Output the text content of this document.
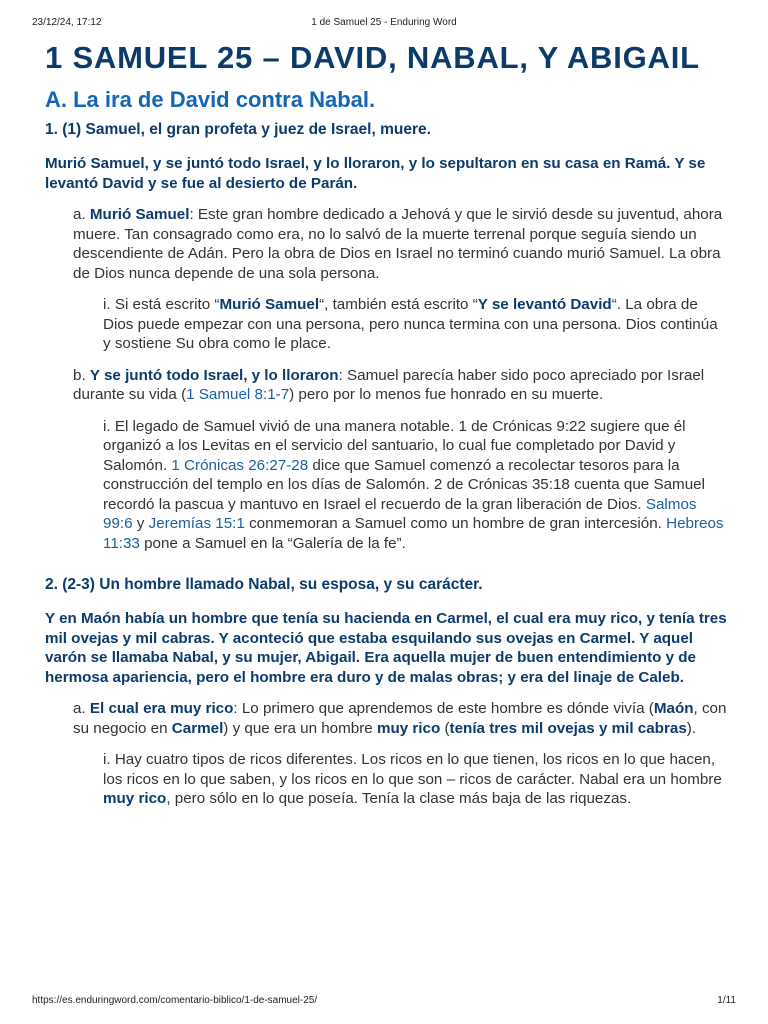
23/12/24, 17:12	1 de Samuel 25 - Enduring Word
1 SAMUEL 25 – DAVID, NABAL, Y ABIGAIL
A. La ira de David contra Nabal.
1. (1) Samuel, el gran profeta y juez de Israel, muere.

Murió Samuel, y se juntó todo Israel, y lo lloraron, y lo sepultaron en su casa en Ramá. Y se levantó David y se fue al desierto de Parán.

a. Murió Samuel: Este gran hombre dedicado a Jehová y que le sirvió desde su juventud, ahora muere. Tan consagrado como era, no lo salvó de la muerte terrenal porque seguía siendo un descendiente de Adán. Pero la obra de Dios en Israel no terminó cuando murió Samuel. La obra de Dios nunca depende de una sola persona.

i. Si está escrito “Murió Samuel“, también está escrito “Y se levantó David“. La obra de Dios puede empezar con una persona, pero nunca termina con una persona. Dios continúa y sostiene Su obra como le place.

b. Y se juntó todo Israel, y lo lloraron: Samuel parecía haber sido poco apreciado por Israel durante su vida (1 Samuel 8:1-7) pero por lo menos fue honrado en su muerte.

i. El legado de Samuel vivió de una manera notable. 1 de Crónicas 9:22 sugiere que él organizó a los Levitas en el servicio del santuario, lo cual fue completado por David y Salomón. 1 Crónicas 26:27-28 dice que Samuel comenzó a recolectar tesoros para la construcción del templo en los días de Salomón. 2 de Crónicas 35:18 cuenta que Samuel recordó la pascua y mantuvo en Israel el recuerdo de la gran liberación de Dios. Salmos 99:6 y Jeremías 15:1 conmemoran a Samuel como un hombre de gran intercesión. Hebreos 11:33 pone a Samuel en la “Galería de la fe”.

2. (2-3) Un hombre llamado Nabal, su esposa, y su carácter.

Y en Maón había un hombre que tenía su hacienda en Carmel, el cual era muy rico, y tenía tres mil ovejas y mil cabras. Y aconteció que estaba esquilando sus ovejas en Carmel. Y aquel varón se llamaba Nabal, y su mujer, Abigail. Era aquella mujer de buen entendimiento y de hermosa apariencia, pero el hombre era duro y de malas obras; y era del linaje de Caleb.

a. El cual era muy rico: Lo primero que aprendemos de este hombre es dónde vivía (Maón, con su negocio en Carmel) y que era un hombre muy rico (tenía tres mil ovejas y mil cabras).

i. Hay cuatro tipos de ricos diferentes. Los ricos en lo que tienen, los ricos en lo que hacen, los ricos en lo que saben, y los ricos en lo que son – ricos de carácter. Nabal era un hombre muy rico, pero sólo en lo que poseía. Tenía la clase más baja de las riquezas.

https://es.enduringword.com/comentario-biblico/1-de-samuel-25/	1/11
